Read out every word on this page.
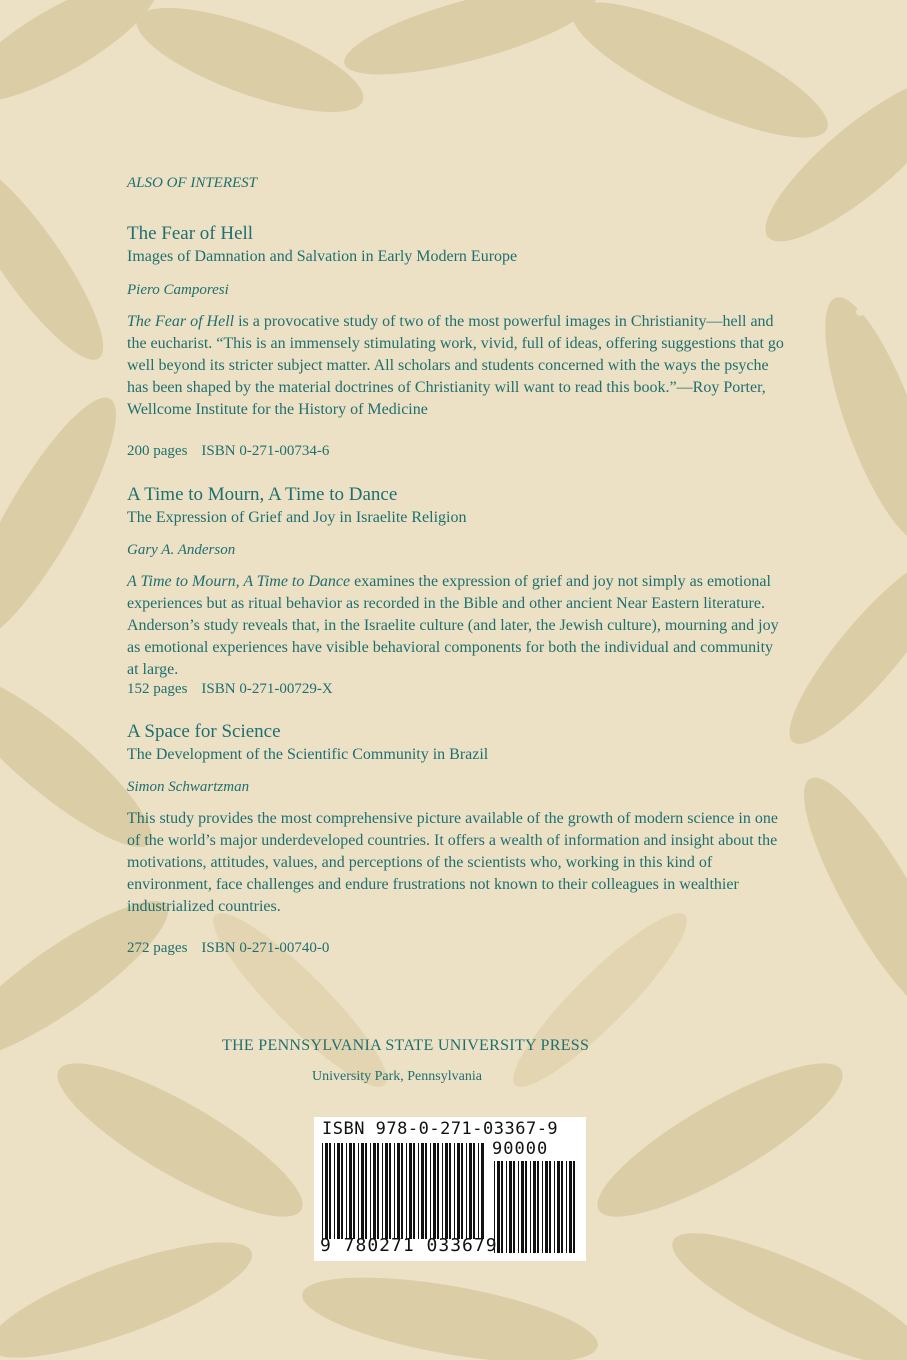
ALSO OF INTEREST
The Fear of Hell
Images of Damnation and Salvation in Early Modern Europe
Piero Camporesi
The Fear of Hell is a provocative study of two of the most powerful images in Christianity—hell and the eucharist. “This is an immensely stimulating work, vivid, full of ideas, offering suggestions that go well beyond its stricter subject matter. All scholars and students concerned with the ways the psyche has been shaped by the material doctrines of Christianity will want to read this book.”—Roy Porter, Wellcome Institute for the History of Medicine
200 pages ISBN 0-271-00734-6
A Time to Mourn, A Time to Dance
The Expression of Grief and Joy in Israelite Religion
Gary A. Anderson
A Time to Mourn, A Time to Dance examines the expression of grief and joy not simply as emotional experiences but as ritual behavior as recorded in the Bible and other ancient Near Eastern literature. Anderson’s study reveals that, in the Israelite culture (and later, the Jewish culture), mourning and joy as emotional experiences have visible behavioral components for both the individual and community at large.
152 pages ISBN 0-271-00729-X
A Space for Science
The Development of the Scientific Community in Brazil
Simon Schwartzman
This study provides the most comprehensive picture available of the growth of modern science in one of the world’s major underdeveloped countries. It offers a wealth of information and insight about the motivations, attitudes, values, and perceptions of the scientists who, working in this kind of environment, face challenges and endure frustrations not known to their colleagues in wealthier industrialized countries.
272 pages ISBN 0-271-00740-0
THE PENNSYLVANIA STATE UNIVERSITY PRESS
University Park, Pennsylvania
ISBN 978-0-271-03367-9
90000
9 780271 033679
